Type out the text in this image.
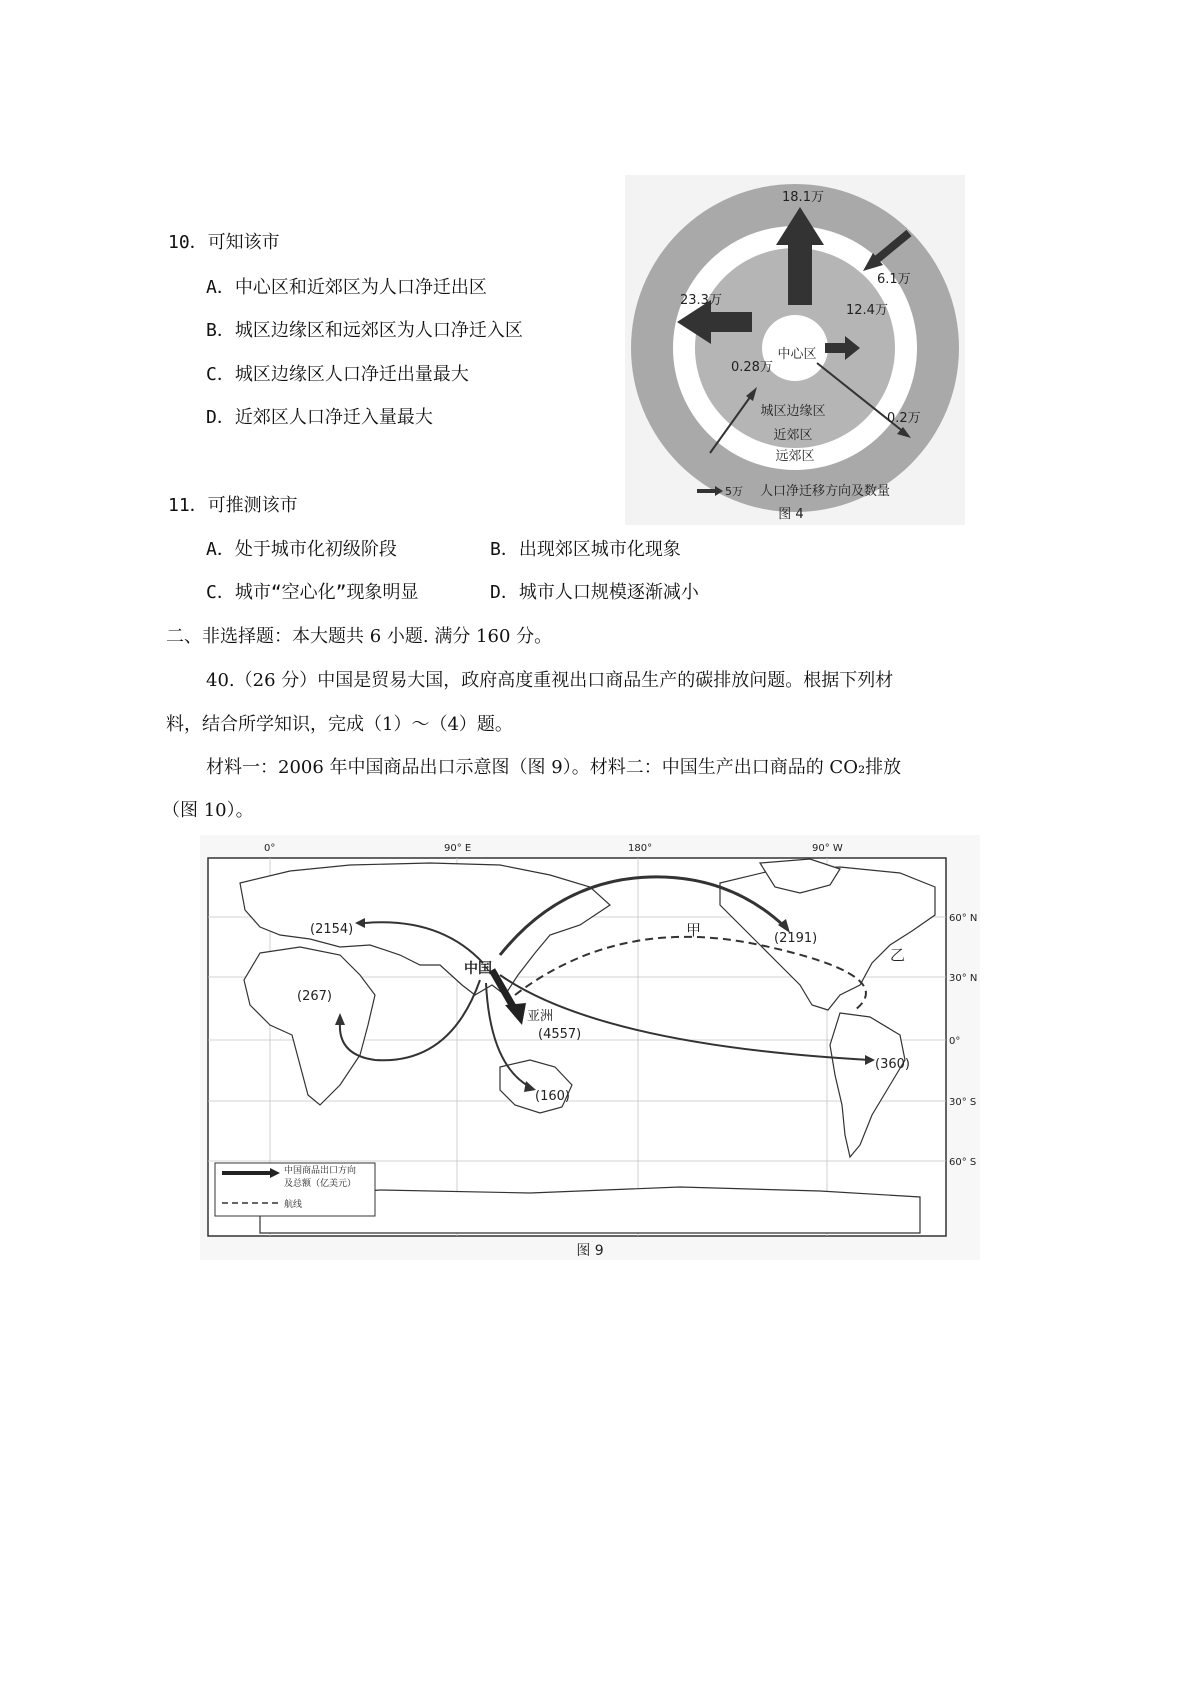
10．可知该市
A．中心区和近郊区为人口净迁出区
B．城区边缘区和远郊区为人口净迁入区
C．城区边缘区人口净迁出量最大
D．近郊区人口净迁入量最大
11．可推测该市
A．处于城市化初级阶段	B．出现郊区城市化现象
C．城市“空心化”现象明显	D．城市人口规模逐渐减小
二、非选择题：本大题共 6 小题. 满分 160 分。
40.（26 分）中国是贸易大国，政府高度重视出口商品生产的碳排放问题。根据下列材
料，结合所学知识，完成（1）～（4）题。
材料一：2006 年中国商品出口示意图（图 9）。材料二：中国生产出口商品的 CO₂排放
（图 10）。
中心区
城区边缘区
近郊区
远郊区
18.1万
6.1万
23.3万
12.4万
0.28万
0.2万
5万 人口净迁移方向及数量
图 4
0°	90° E	180°	90° W
60° N
30° N
0°
30° S
60° S
中国
亚洲
甲
乙
(2154)
(267)
(4557)
(160)
(2191)
(360)
中国商品出口方向
及总额（亿美元）
航线
图 9
